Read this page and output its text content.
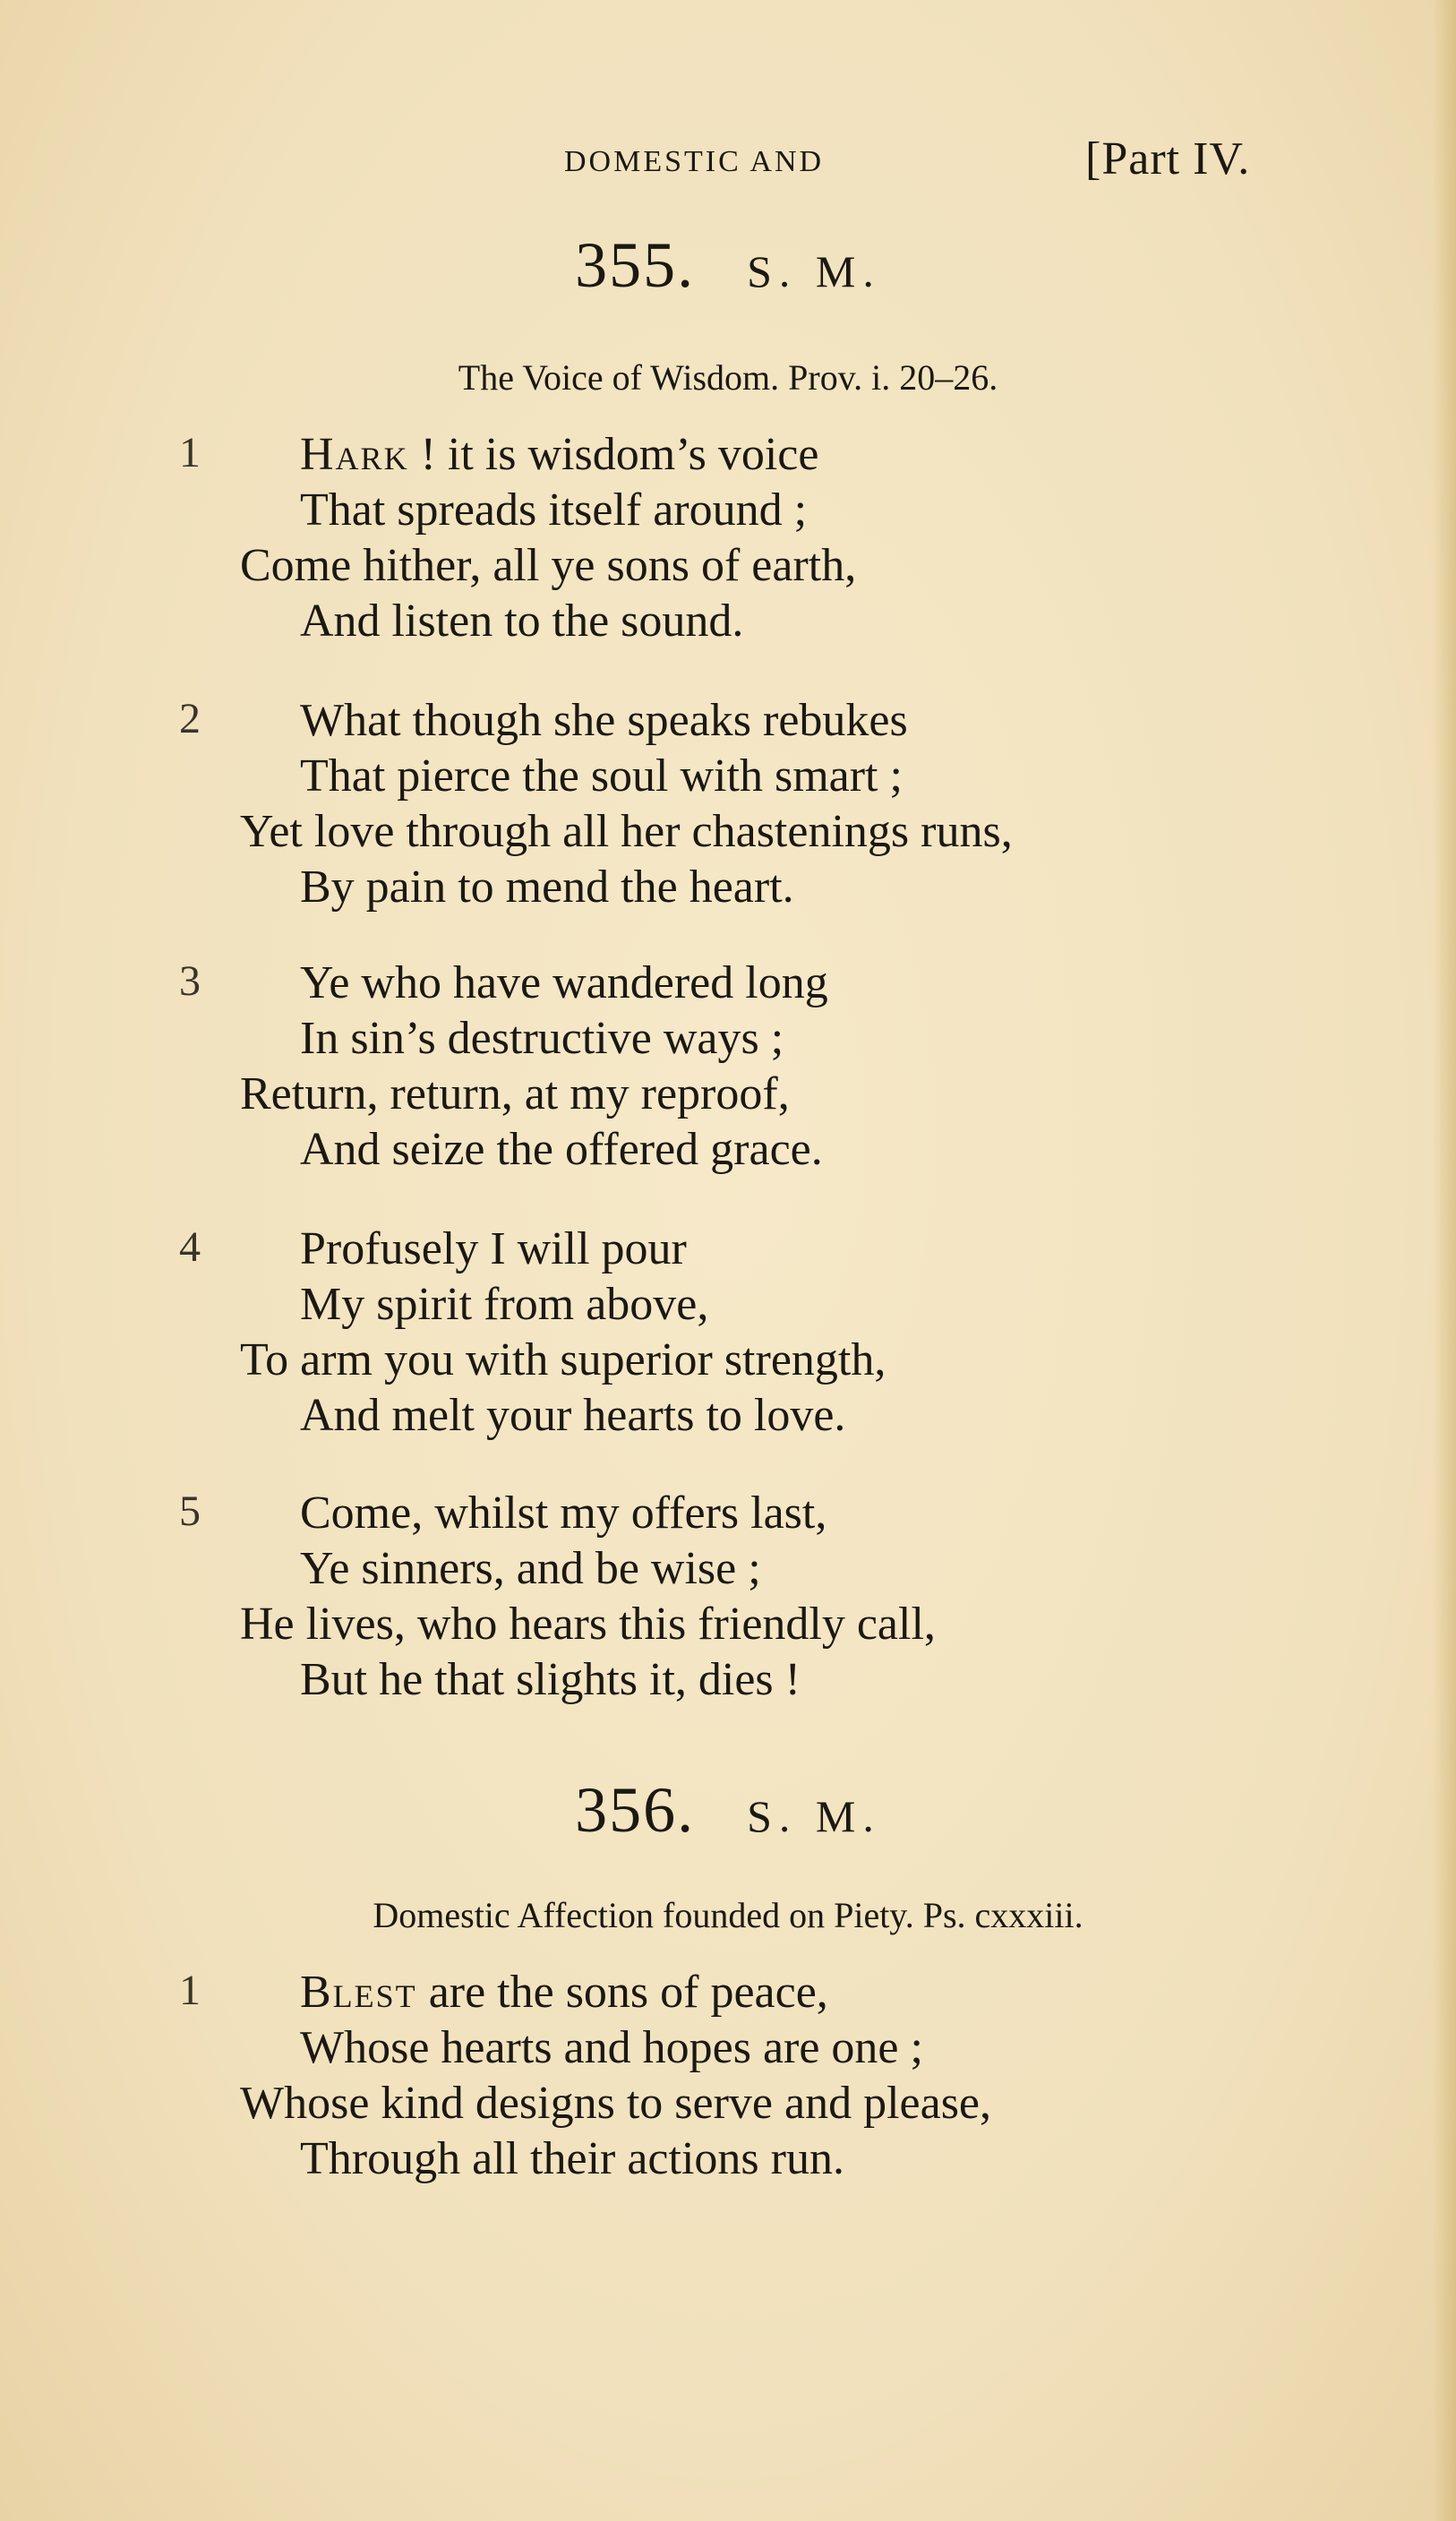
DOMESTIC AND	[Part IV.
355. S. M.
The Voice of Wisdom. Prov. i. 20–26.
1	Hark ! it is wisdom’s voice
That spreads itself around ;
Come hither, all ye sons of earth,
And listen to the sound.
2	What though she speaks rebukes
That pierce the soul with smart ;
Yet love through all her chastenings runs,
By pain to mend the heart.
3	Ye who have wandered long
In sin’s destructive ways ;
Return, return, at my reproof,
And seize the offered grace.
4	Profusely I will pour
My spirit from above,
To arm you with superior strength,
And melt your hearts to love.
5	Come, whilst my offers last,
Ye sinners, and be wise ;
He lives, who hears this friendly call,
But he that slights it, dies !
356. S. M.
Domestic Affection founded on Piety. Ps. cxxxiii.
1	Blest are the sons of peace,
Whose hearts and hopes are one ;
Whose kind designs to serve and please,
Through all their actions run.
